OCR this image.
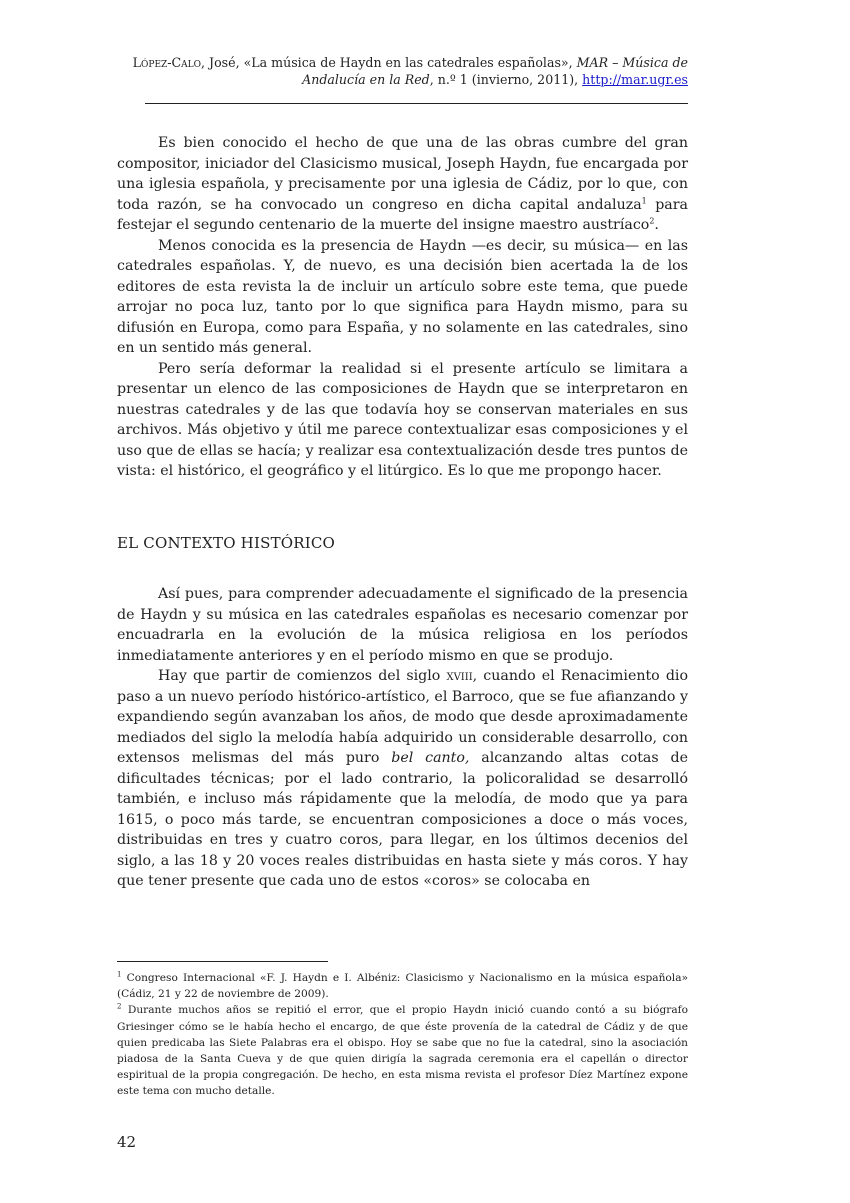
López-Calo, José, «La música de Haydn en las catedrales españolas», MAR – Música de Andalucía en la Red, n.º 1 (invierno, 2011), http://mar.ugr.es

Es bien conocido el hecho de que una de las obras cumbre del gran compositor, iniciador del Clasicismo musical, Joseph Haydn, fue encargada por una iglesia española, y precisamente por una iglesia de Cádiz, por lo que, con toda razón, se ha convocado un congreso en dicha capital andaluza$^1$ para festejar el segundo centenario de la muerte del insigne maestro austríaco$^2$.

Menos conocida es la presencia de Haydn —es decir, su música— en las catedrales españolas. Y, de nuevo, es una decisión bien acertada la de los editores de esta revista la de incluir un artículo sobre este tema, que puede arrojar no poca luz, tanto por lo que significa para Haydn mismo, para su difusión en Europa, como para España, y no solamente en las catedrales, sino en un sentido más general.

Pero sería deformar la realidad si el presente artículo se limitara a presentar un elenco de las composiciones de Haydn que se interpretaron en nuestras catedrales y de las que todavía hoy se conservan materiales en sus archivos. Más objetivo y útil me parece contextualizar esas composiciones y el uso que de ellas se hacía; y realizar esa contextualización desde tres puntos de vista: el histórico, el geográfico y el litúrgico. Es lo que me propongo hacer.

EL CONTEXTO HISTÓRICO

Así pues, para comprender adecuadamente el significado de la presencia de Haydn y su música en las catedrales españolas es necesario comenzar por encuadrarla en la evolución de la música religiosa en los períodos inmediatamente anteriores y en el período mismo en que se produjo.

Hay que partir de comienzos del siglo xviii, cuando el Renacimiento dio paso a un nuevo período histórico-artístico, el Barroco, que se fue afianzando y expandiendo según avanzaban los años, de modo que desde aproximadamente mediados del siglo la melodía había adquirido un considerable desarrollo, con extensos melismas del más puro bel canto, alcanzando altas cotas de dificultades técnicas; por el lado contrario, la policoralidad se desarrolló también, e incluso más rápidamente que la melodía, de modo que ya para 1615, o poco más tarde, se encuentran composiciones a doce o más voces, distribuidas en tres y cuatro coros, para llegar, en los últimos decenios del siglo, a las 18 y 20 voces reales distribuidas en hasta siete y más coros. Y hay que tener presente que cada uno de estos «coros» se colocaba en

$^1$ Congreso Internacional «F. J. Haydn e I. Albéniz: Clasicismo y Nacionalismo en la música española» (Cádiz, 21 y 22 de noviembre de 2009).

$^2$ Durante muchos años se repitió el error, que el propio Haydn inició cuando contó a su biógrafo Griesinger cómo se le había hecho el encargo, de que éste provenía de la catedral de Cádiz y de que quien predicaba las Siete Palabras era el obispo. Hoy se sabe que no fue la catedral, sino la asociación piadosa de la Santa Cueva y de que quien dirigía la sagrada ceremonia era el capellán o director espiritual de la propia congregación. De hecho, en esta misma revista el profesor Díez Martínez expone este tema con mucho detalle.

42
